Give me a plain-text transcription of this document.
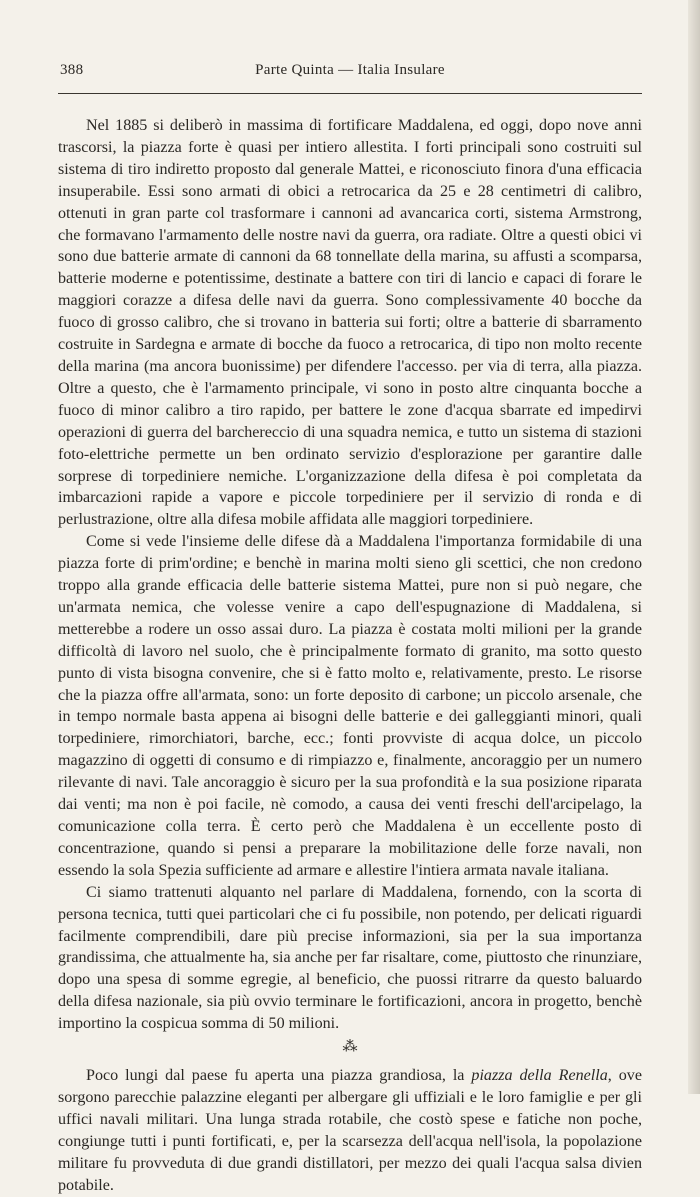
Parte Quinta — Italia Insulare
388

Nel 1885 si deliberò in massima di fortificare Maddalena, ed oggi, dopo nove anni trascorsi, la piazza forte è quasi per intiero allestita. I forti principali sono costruiti sul sistema di tiro indiretto proposto dal generale Mattei, e riconosciuto finora d'una efficacia insuperabile. Essi sono armati di obici a retrocarica da 25 e 28 centimetri di calibro, ottenuti in gran parte col trasformare i cannoni ad avancarica corti, sistema Armstrong, che formavano l'armamento delle nostre navi da guerra, ora radiate. Oltre a questi obici vi sono due batterie armate di cannoni da 68 tonnellate della marina, su affusti a scomparsa, batterie moderne e potentissime, destinate a battere con tiri di lancio e capaci di forare le maggiori corazze a difesa delle navi da guerra. Sono complessivamente 40 bocche da fuoco di grosso calibro, che si trovano in batteria sui forti; oltre a batterie di sbarramento costruite in Sardegna e armate di bocche da fuoco a retrocarica, di tipo non molto recente della marina (ma ancora buonissime) per difendere l'accesso. per via di terra, alla piazza. Oltre a questo, che è l'armamento principale, vi sono in posto altre cinquanta bocche a fuoco di minor calibro a tiro rapido, per battere le zone d'acqua sbarrate ed impedirvi operazioni di guerra del barchereccio di una squadra nemica, e tutto un sistema di stazioni foto-elettriche permette un ben ordinato servizio d'esplorazione per garantire dalle sorprese di torpediniere nemiche. L'organizzazione della difesa è poi completata da imbarcazioni rapide a vapore e piccole torpediniere per il servizio di ronda e di perlustrazione, oltre alla difesa mobile affidata alle maggiori torpediniere.

Come si vede l'insieme delle difese dà a Maddalena l'importanza formidabile di una piazza forte di prim'ordine; e benchè in marina molti sieno gli scettici, che non credono troppo alla grande efficacia delle batterie sistema Mattei, pure non si può negare, che un'armata nemica, che volesse venire a capo dell'espugnazione di Maddalena, si metterebbe a rodere un osso assai duro. La piazza è costata molti milioni per la grande difficoltà di lavoro nel suolo, che è principalmente formato di granito, ma sotto questo punto di vista bisogna convenire, che si è fatto molto e, relativamente, presto. Le risorse che la piazza offre all'armata, sono: un forte deposito di carbone; un piccolo arsenale, che in tempo normale basta appena ai bisogni delle batterie e dei galleggianti minori, quali torpediniere, rimorchiatori, barche, ecc.; fonti provviste di acqua dolce, un piccolo magazzino di oggetti di consumo e di rimpiazzo e, finalmente, ancoraggio per un numero rilevante di navi. Tale ancoraggio è sicuro per la sua profondità e la sua posizione riparata dai venti; ma non è poi facile, nè comodo, a causa dei venti freschi dell'arcipelago, la comunicazione colla terra. È certo però che Maddalena è un eccellente posto di concentrazione, quando si pensi a preparare la mobilitazione delle forze navali, non essendo la sola Spezia sufficiente ad armare e allestire l'intiera armata navale italiana.

Ci siamo trattenuti alquanto nel parlare di Maddalena, fornendo, con la scorta di persona tecnica, tutti quei particolari che ci fu possibile, non potendo, per delicati riguardi facilmente comprendibili, dare più precise informazioni, sia per la sua importanza grandissima, che attualmente ha, sia anche per far risaltare, come, piuttosto che rinunziare, dopo una spesa di somme egregie, al beneficio, che puossi ritrarre da questo baluardo della difesa nazionale, sia più ovvio terminare le fortificazioni, ancora in progetto, benchè importino la cospicua somma di 50 milioni.

⁂

Poco lungi dal paese fu aperta una piazza grandiosa, la piazza della Renella, ove sorgono parecchie palazzine eleganti per albergare gli uffiziali e le loro famiglie e per gli uffici navali militari. Una lunga strada rotabile, che costò spese e fatiche non poche, congiunge tutti i punti fortificati, e, per la scarsezza dell'acqua nell'isola, la popolazione militare fu provveduta di due grandi distillatori, per mezzo dei quali l'acqua salsa divien potabile.
